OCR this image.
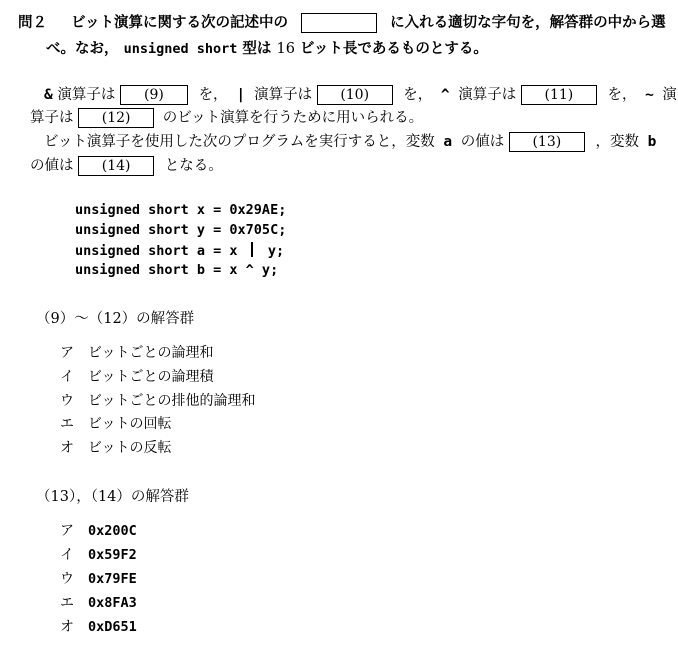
問２ ビット演算に関する次の記述中の	に入れる適切な字句を，解答群の中から選
べ。なお， unsigned short 型は 16 ビット長であるものとする。
& 演算子は (9) を， | 演算子は (10) を， ^ 演算子は (11) を， ~ 演
算子は (12) のビット演算を行うために用いられる。
ビット演算子を使用した次のプログラムを実行すると，変数 a の値は (13) ，変数 b
の値は (14) となる。
unsigned short x = 0x29AE;
unsigned short y = 0x705C;
unsigned short a = x y;
unsigned short b = x ^ y;
（9）～（12）の解答群
ア ビットごとの論理和
イ ビットごとの論理積
ウ ビットごとの排他的論理和
エ ビットの回転
オ ビットの反転
（13），（14）の解答群
ア 0x200C
イ 0x59F2
ウ 0x79FE
エ 0x8FA3
オ 0xD651
